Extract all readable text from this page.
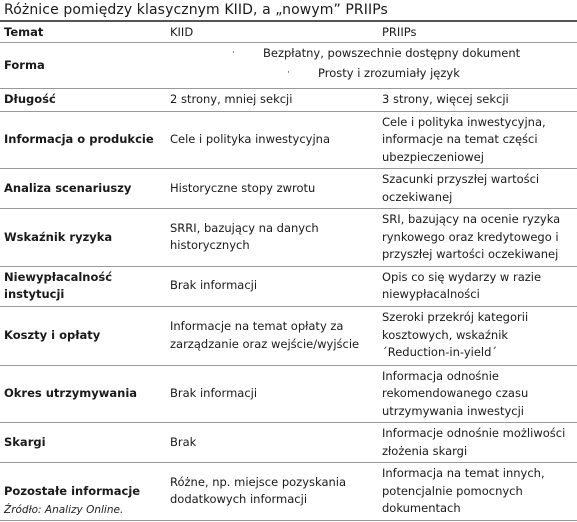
Różnice pomiędzy klasycznym KIID, a „nowym” PRIIPs
Temat	KIID	PRIIPs
Forma	· Bezpłatny, powszechnie dostępny dokument
· Prosty i zrozumiały język	

Długość	2 strony, mniej sekcji	3 strony, więcej sekcji
Informacja o produkcie	Cele i polityka inwestycyjna	Cele i polityka inwestycyjna, informacje na temat części ubezpieczeniowej
Analiza scenariuszy	Historyczne stopy zwrotu	Szacunki przyszłej wartości oczekiwanej
Wskaźnik ryzyka	SRRI, bazujący na danych historycznych	SRI, bazujący na ocenie ryzyka rynkowego oraz kredytowego i przyszłej wartości oczekiwanej
Niewypłacalność instytucji	Brak informacji	Opis co się wydarzy w razie niewypłacalności
Koszty i opłaty	Informacje na temat opłaty za zarządzanie oraz wejście/wyjście	Szeroki przekrój kategorii kosztowych, wskaźnik ´Reduction-in-yield´
Okres utrzymywania	Brak informacji	Informacja odnośnie rekomendowanego czasu utrzymywania inwestycji
Skargi	Brak	Informacje odnośnie możliwości złożenia skargi
Pozostałe informacje	Różne, np. miejsce pozyskania dodatkowych informacji	Informacja na temat innych, potencjalnie pomocnych dokumentach
Źródło: Analizy Online.
